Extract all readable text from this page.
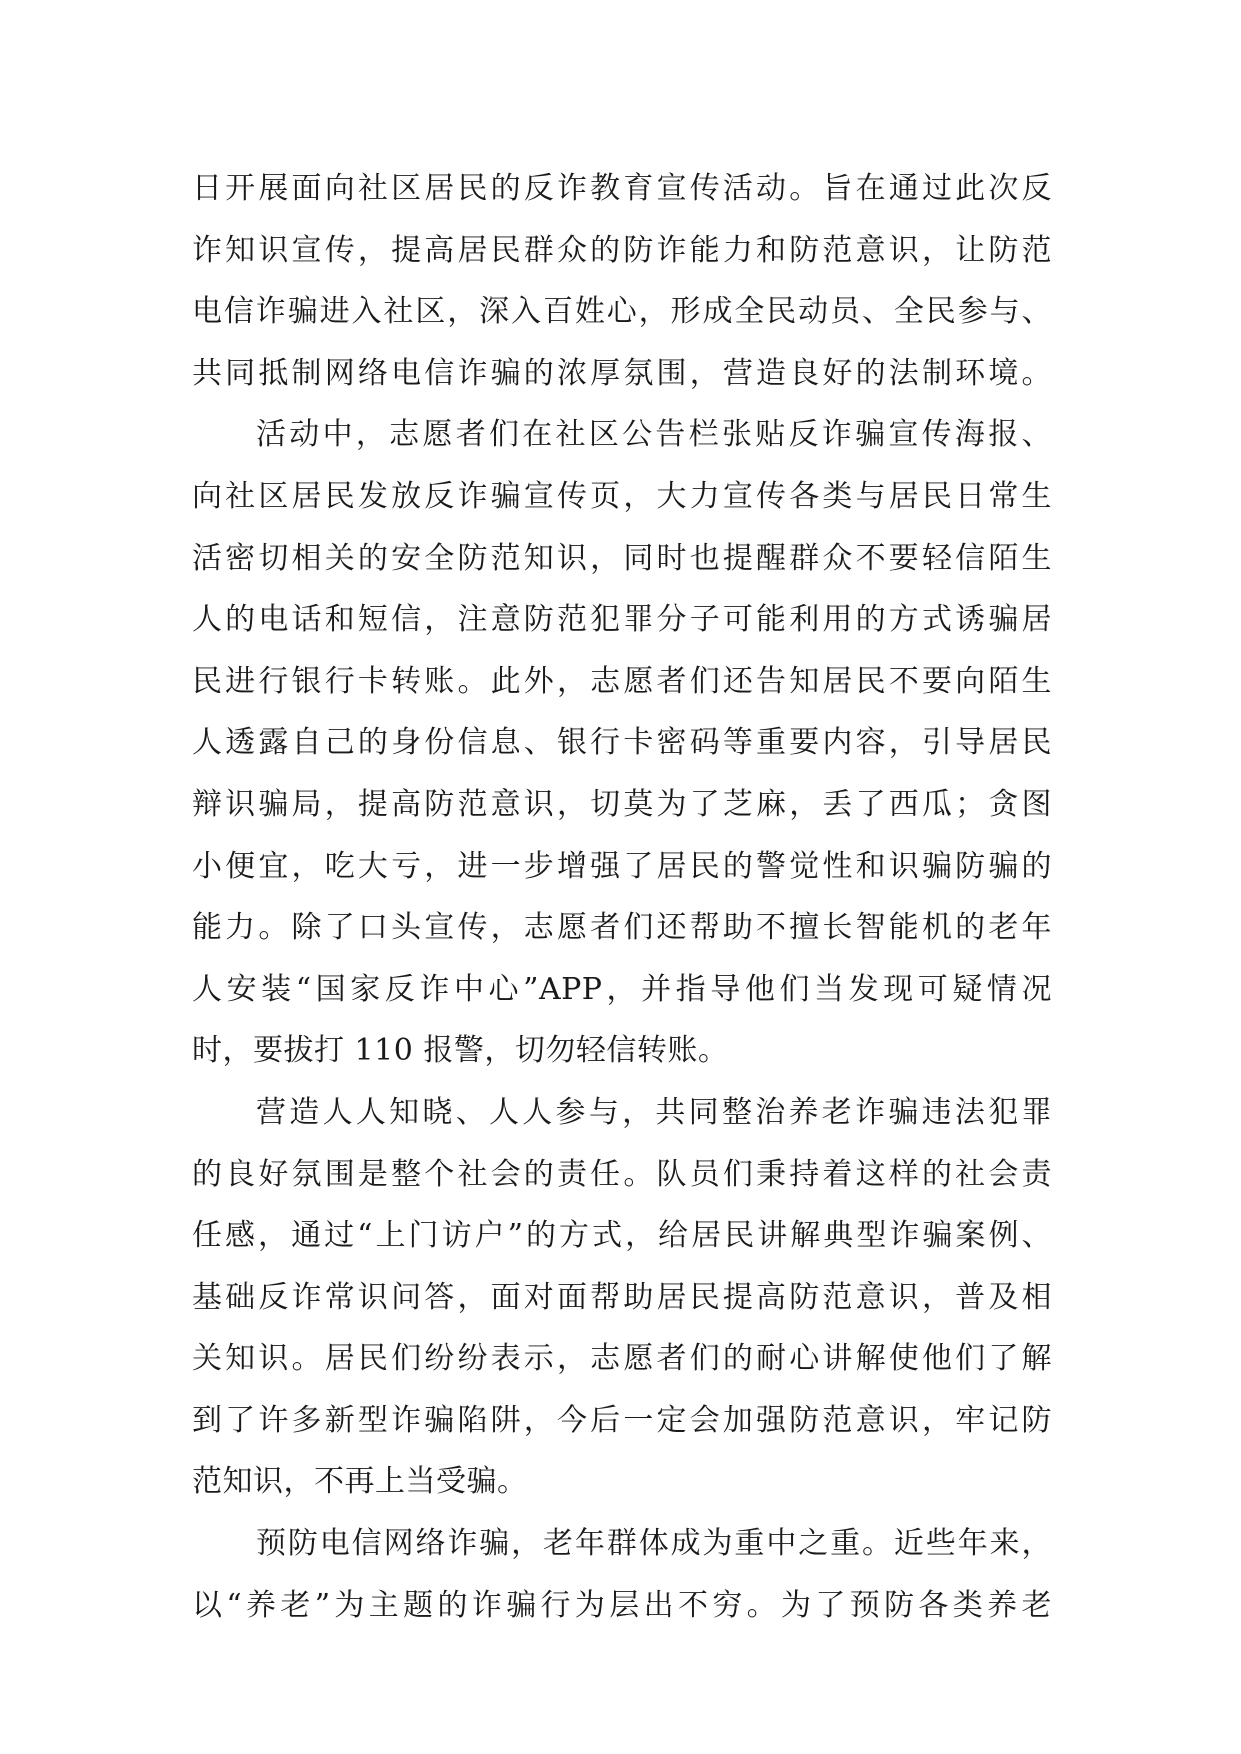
日开展面向社区居民的反诈教育宣传活动。旨在通过此次反
诈知识宣传，提高居民群众的防诈能力和防范意识，让防范
电信诈骗进入社区，深入百姓心，形成全民动员、全民参与、
共同抵制网络电信诈骗的浓厚氛围，营造良好的法制环境。
活动中，志愿者们在社区公告栏张贴反诈骗宣传海报、
向社区居民发放反诈骗宣传页，大力宣传各类与居民日常生
活密切相关的安全防范知识，同时也提醒群众不要轻信陌生
人的电话和短信，注意防范犯罪分子可能利用的方式诱骗居
民进行银行卡转账。此外，志愿者们还告知居民不要向陌生
人透露自己的身份信息、银行卡密码等重要内容，引导居民
辩识骗局，提高防范意识，切莫为了芝麻，丢了西瓜；贪图
小便宜，吃大亏，进一步增强了居民的警觉性和识骗防骗的
能力。除了口头宣传，志愿者们还帮助不擅长智能机的老年
人安装“国家反诈中心”APP，并指导他们当发现可疑情况
时，要拔打 110 报警，切勿轻信转账。
营造人人知晓、人人参与，共同整治养老诈骗违法犯罪
的良好氛围是整个社会的责任。队员们秉持着这样的社会责
任感，通过“上门访户”的方式，给居民讲解典型诈骗案例、
基础反诈常识问答，面对面帮助居民提高防范意识，普及相
关知识。居民们纷纷表示，志愿者们的耐心讲解使他们了解
到了许多新型诈骗陷阱，今后一定会加强防范意识，牢记防
范知识，不再上当受骗。
预防电信网络诈骗，老年群体成为重中之重。近些年来，
以“养老”为主题的诈骗行为层出不穷。为了预防各类养老
